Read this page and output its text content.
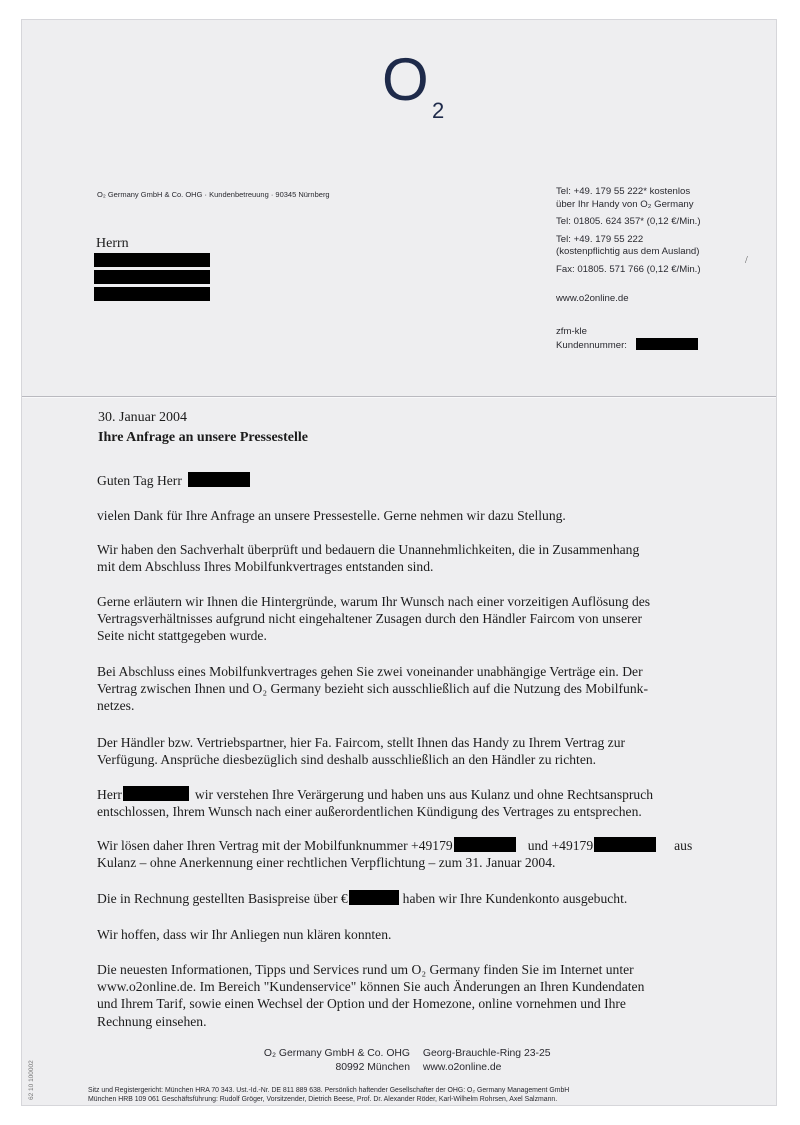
O 2
O₂ Germany GmbH & Co. OHG · Kundenbetreuung · 90345 Nürnberg
Herrn
Tel: +49. 179 55 222* kostenlos
über Ihr Handy von O₂ Germany
Tel: 01805. 624 357* (0,12 €/Min.)
Tel: +49. 179 55 222
(kostenpflichtig aus dem Ausland)
Fax: 01805. 571 766 (0,12 €/Min.)
www.o2online.de
zfm-kle
Kundennummer:
/
30. Januar 2004
Ihre Anfrage an unsere Pressestelle
Guten Tag Herr
vielen Dank für Ihre Anfrage an unsere Pressestelle. Gerne nehmen wir dazu Stellung.
Wir haben den Sachverhalt überprüft und bedauern die Unannehmlichkeiten, die in Zusammenhang
mit dem Abschluss Ihres Mobilfunkvertrages entstanden sind.
Gerne erläutern wir Ihnen die Hintergründe, warum Ihr Wunsch nach einer vorzeitigen Auflösung des
Vertragsverhältnisses aufgrund nicht eingehaltener Zusagen durch den Händler Faircom von unserer
Seite nicht stattgegeben wurde.
Bei Abschluss eines Mobilfunkvertrages gehen Sie zwei voneinander unabhängige Verträge ein. Der
Vertrag zwischen Ihnen und O₂ Germany bezieht sich ausschließlich auf die Nutzung des Mobilfunk-
netzes.
Der Händler bzw. Vertriebspartner, hier Fa. Faircom, stellt Ihnen das Handy zu Ihrem Vertrag zur
Verfügung. Ansprüche diesbezüglich sind deshalb ausschließlich an den Händler zu richten.
Herr	wir verstehen Ihre Verärgerung und haben uns aus Kulanz und ohne Rechtsanspruch
entschlossen, Ihrem Wunsch nach einer außerordentlichen Kündigung des Vertrages zu entsprechen.
Wir lösen daher Ihren Vertrag mit der Mobilfunknummer +49179	und +49179	aus
Kulanz – ohne Anerkennung einer rechtlichen Verpflichtung – zum 31. Januar 2004.
Die in Rechnung gestellten Basispreise über €	haben wir Ihre Kundenkonto ausgebucht.
Wir hoffen, dass wir Ihr Anliegen nun klären konnten.
Die neuesten Informationen, Tipps und Services rund um O₂ Germany finden Sie im Internet unter
www.o2online.de. Im Bereich "Kundenservice" können Sie auch Änderungen an Ihren Kundendaten
und Ihrem Tarif, sowie einen Wechsel der Option und der Homezone, online vornehmen und Ihre
Rechnung einsehen.
O₂ Germany GmbH & Co. OHG
80992 München

Georg-Brauchle-Ring 23-25
www.o2online.de
Sitz und Registergericht: München HRA 70 343. Ust.-Id.-Nr. DE 811 889 638. Persönlich haftender Gesellschafter der OHG: O₂ Germany Management GmbH
München HRB 109 061 Geschäftsführung: Rudolf Gröger, Vorsitzender, Dietrich Beese, Prof. Dr. Alexander Röder, Karl-Wilhelm Rohrsen, Axel Salzmann.
62 10 100002
